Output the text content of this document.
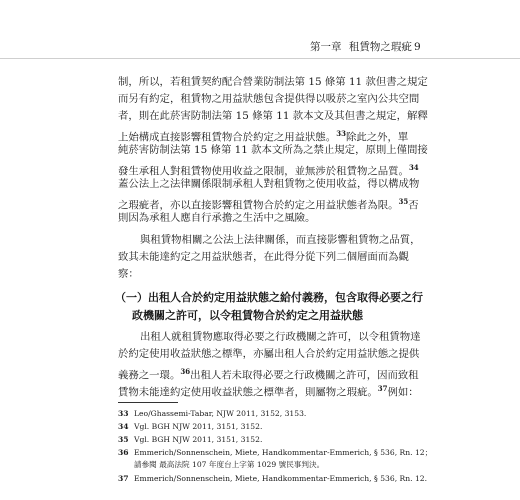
第一章 租賃物之瑕疵 9
制，所以，若租賃契約配合營業防制法第 15 條第 11 款但書之規定
而另有約定，租賃物之用益狀態包含提供得以吸菸之室內公共空間
者，則在此菸害防制法第 15 條第 11 款本文及其但書之規定，解釋
上始構成直接影響租賃物合於約定之用益狀態。$^{33}$除此之外，單
純菸害防制法第 15 條第 11 款本文所為之禁止規定，原則上僅間接
發生承租人對租賃物使用收益之限制，並無涉於租賃物之品質。$^{34}$
蓋公法上之法律關係限制承租人對租賃物之使用收益，得以構成物
之瑕疵者，亦以直接影響租賃物合於約定之用益狀態者為限。$^{35}$否
則因為承租人應自行承擔之生活中之風險。
與租賃物相關之公法上法律關係，而直接影響租賃物之品質，
致其未能達約定之用益狀態者，在此得分從下列二個層面而為觀
察：
（一）出租人合於約定用益狀態之給付義務，包含取得必要之行
政機關之許可，以令租賃物合於約定之用益狀態
出租人就租賃物應取得必要之行政機關之許可，以令租賃物達
於約定使用收益狀態之標準，亦屬出租人合於約定用益狀態之提供
義務之一環。$^{36}$出租人若未取得必要之行政機關之許可，因而致租
賃物未能達約定使用收益狀態之標準者，則屬物之瑕疵。$^{37}$例如：
33 Leo/Ghassemi-Tabar, NJW 2011, 3152, 3153.
34 Vgl. BGH NJW 2011, 3151, 3152.
35 Vgl. BGH NJW 2011, 3151, 3152.
36 Emmerich/Sonnenschein, Miete, Handkommentar-Emmerich, § 536, Rn. 12；
請參閱 最高法院 107 年度台上字第 1029 號民事判決。
37 Emmerich/Sonnenschein, Miete, Handkommentar-Emmerich, § 536, Rn. 12.
